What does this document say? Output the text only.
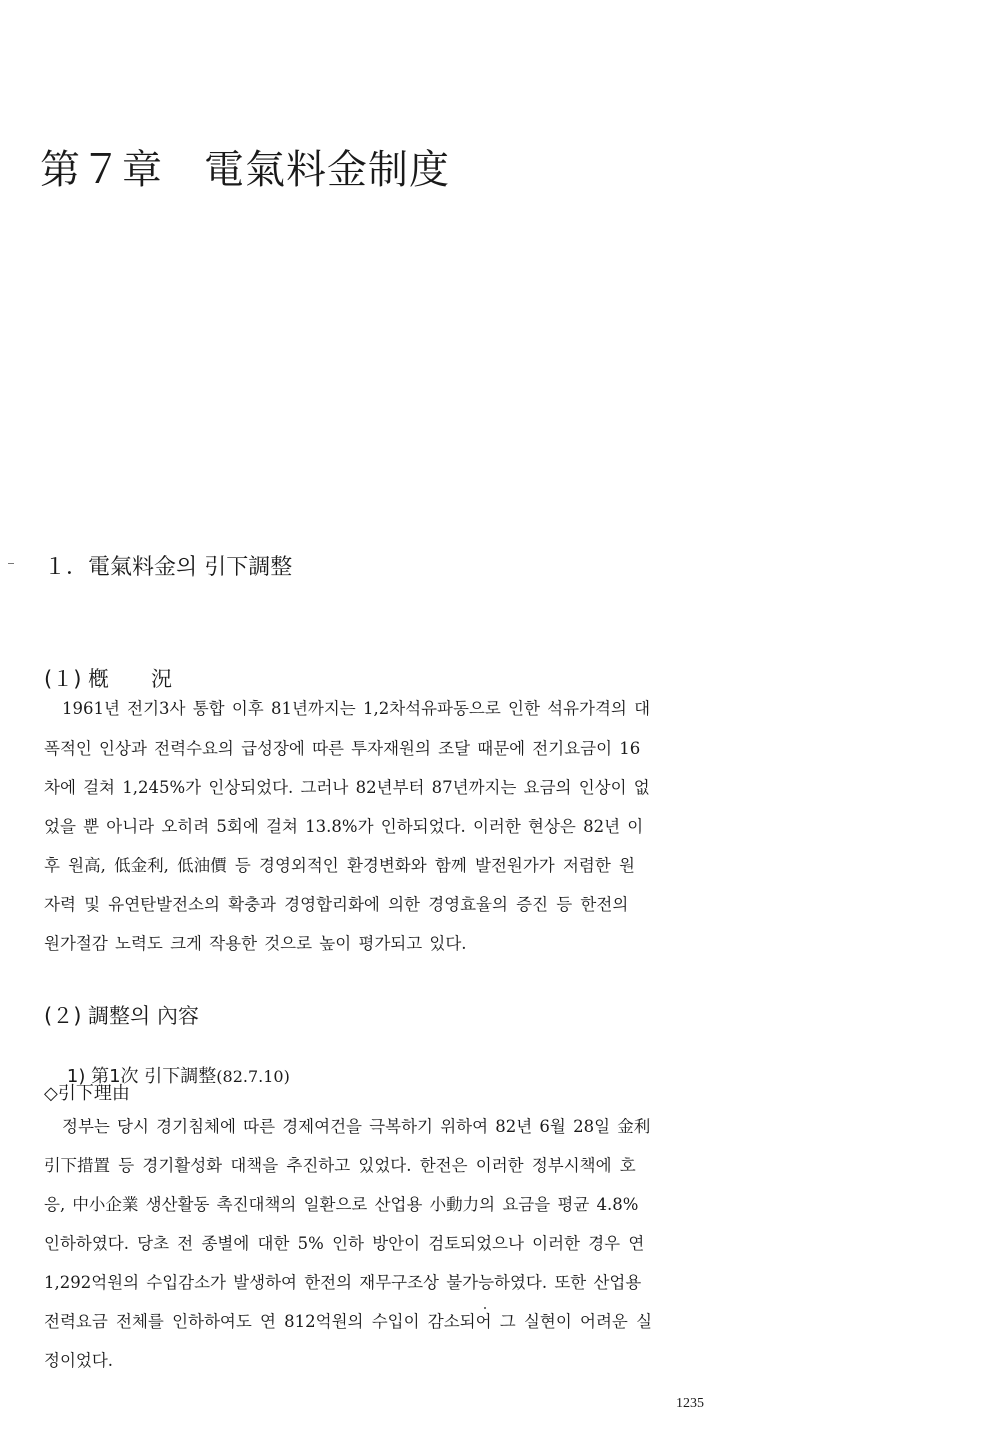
第７章　電氣料金制度
１．電氣料金의 引下調整
(１) 槪　　況
1961년 전기3사 통합 이후 81년까지는 1,2차석유파동으로 인한 석유가격의 대
폭적인 인상과 전력수요의 급성장에 따른 투자재원의 조달 때문에 전기요금이 16
차에 걸쳐 1,245%가 인상되었다. 그러나 82년부터 87년까지는 요금의 인상이 없
었을 뿐 아니라 오히려 5회에 걸쳐 13.8%가 인하되었다. 이러한 현상은 82년 이
후 원高, 低金利, 低油價 등 경영외적인 환경변화와 함께 발전원가가 저렴한 원
자력 및 유연탄발전소의 확충과 경영합리화에 의한 경영효율의 증진 등 한전의
원가절감 노력도 크게 작용한 것으로 높이 평가되고 있다.
(２) 調整의 內容

1) 第1次 引下調整(82.7.10)

◇引下理由
정부는 당시 경기침체에 따른 경제여건을 극복하기 위하여 82년 6월 28일 金利
引下措置 등 경기활성화 대책을 추진하고 있었다. 한전은 이러한 정부시책에 호
응, 中小企業 생산활동 촉진대책의 일환으로 산업용 小動力의 요금을 평균 4.8%
인하하였다. 당초 전 종별에 대한 5% 인하 방안이 검토되었으나 이러한 경우 연
1,292억원의 수입감소가 발생하여 한전의 재무구조상 불가능하였다. 또한 산업용
전력요금 전체를 인하하여도 연 812억원의 수입이 감소되어 그 실현이 어려운 실
정이었다.
1235
